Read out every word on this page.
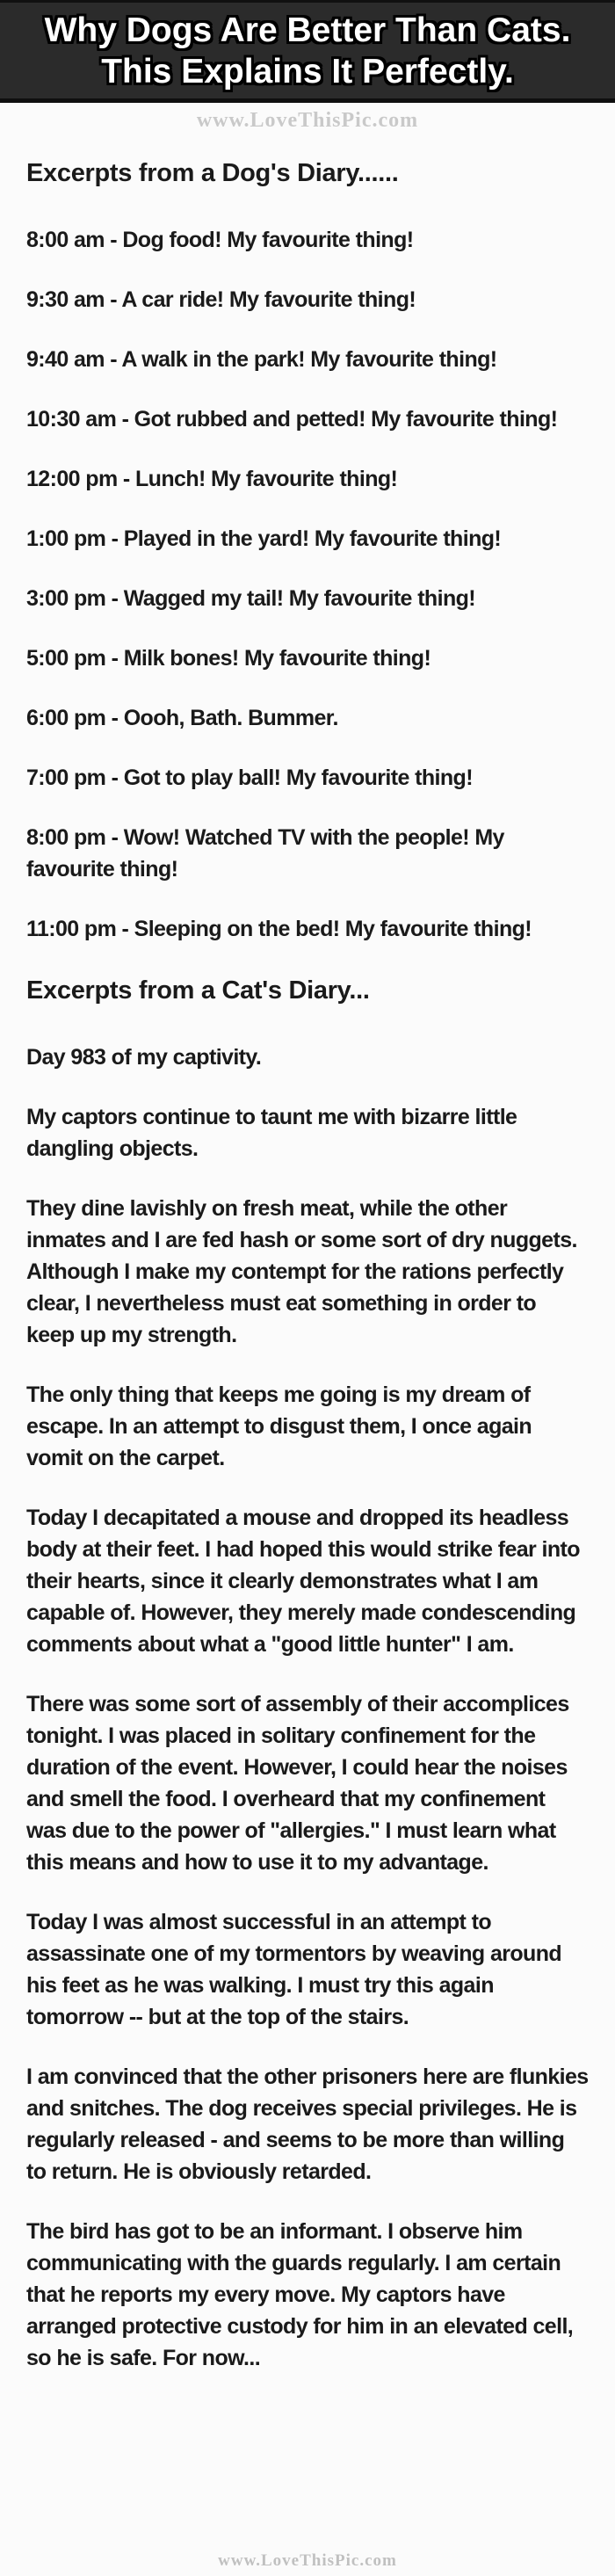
Why Dogs Are Better Than Cats.
This Explains It Perfectly.
www.LoveThisPic.com
Excerpts from a Dog's Diary......

8:00 am - Dog food! My favourite thing!

9:30 am - A car ride! My favourite thing!

9:40 am - A walk in the park! My favourite thing!

10:30 am - Got rubbed and petted! My favourite thing!

12:00 pm - Lunch! My favourite thing!

1:00 pm - Played in the yard! My favourite thing!

3:00 pm - Wagged my tail! My favourite thing!

5:00 pm - Milk bones! My favourite thing!

6:00 pm - Oooh, Bath. Bummer.

7:00 pm - Got to play ball! My favourite thing!

8:00 pm - Wow! Watched TV with the people! My favourite thing!

11:00 pm - Sleeping on the bed! My favourite thing!

Excerpts from a Cat's Diary...

Day 983 of my captivity.

My captors continue to taunt me with bizarre little dangling objects.

They dine lavishly on fresh meat, while the other inmates and I are fed hash or some sort of dry nuggets. Although I make my contempt for the rations perfectly clear, I nevertheless must eat something in order to keep up my strength.

The only thing that keeps me going is my dream of escape. In an attempt to disgust them, I once again vomit on the carpet.

Today I decapitated a mouse and dropped its headless body at their feet. I had hoped this would strike fear into their hearts, since it clearly demonstrates what I am capable of. However, they merely made condescending comments about what a "good little hunter" I am.

There was some sort of assembly of their accomplices tonight. I was placed in solitary confinement for the duration of the event. However, I could hear the noises and smell the food. I overheard that my confinement was due to the power of "allergies." I must learn what this means and how to use it to my advantage.

Today I was almost successful in an attempt to assassinate one of my tormentors by weaving around his feet as he was walking. I must try this again tomorrow -- but at the top of the stairs.

I am convinced that the other prisoners here are flunkies and snitches. The dog receives special privileges. He is regularly released - and seems to be more than willing to return. He is obviously retarded.

The bird has got to be an informant. I observe him communicating with the guards regularly. I am certain that he reports my every move. My captors have arranged protective custody for him in an elevated cell, so he is safe. For now...

www.LoveThisPic.com
